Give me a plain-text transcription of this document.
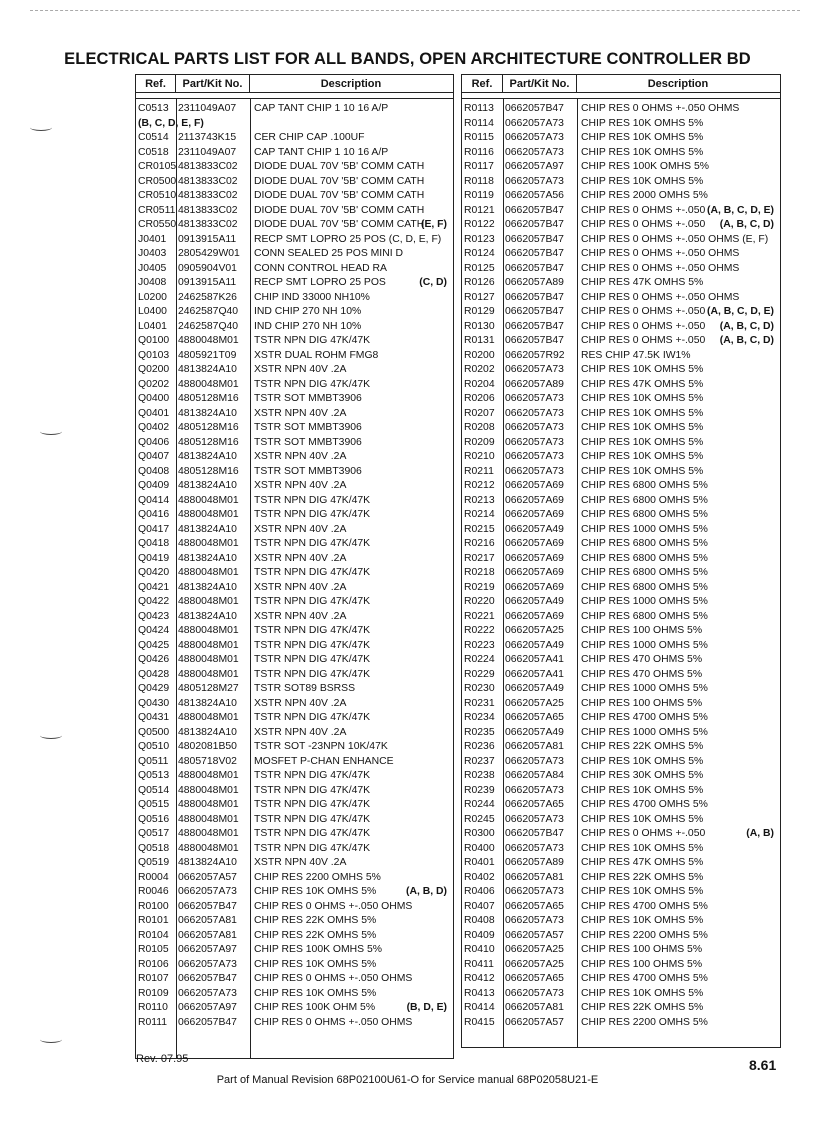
ELECTRICAL PARTS LIST FOR ALL BANDS, OPEN ARCHITECTURE CONTROLLER BD
Ref.	Part/Kit No.	Description
C0513 2311049A07	CAP TANT CHIP 1 10 16 A/P
(B, C, D, E, F)
C0514 2113743K15	CER CHIP CAP .100UF
C0518 2311049A07	CAP TANT CHIP 1 10 16 A/P
CR0105 4813833C02	DIODE DUAL 70V '5B' COMM CATH
CR0500 4813833C02	DIODE DUAL 70V '5B' COMM CATH
CR0510 4813833C02	DIODE DUAL 70V '5B' COMM CATH
CR0511 4813833C02	DIODE DUAL 70V '5B' COMM CATH
CR0550 4813833C02	DIODE DUAL 70V '5B' COMM CATH
(E, F)
J0401	0913915A11	RECP SMT LOPRO 25 POS (C, D, E, F)
J0403	2805429W01	CONN SEALED 25 POS MINI D
J0405	0905904V01	CONN CONTROL HEAD RA
J0408	0913915A11	RECP SMT LOPRO 25 POS	(C, D)
L0200	2462587K26	CHIP IND 33000 NH10%
L0400	2462587Q40	IND CHIP 270 NH 10%
L0401	2462587Q40	IND CHIP 270 NH 10%
Q0100 4880048M01	TSTR NPN DIG 47K/47K
Q0103 4805921T09	XSTR DUAL ROHM FMG8
Q0200 4813824A10	XSTR NPN 40V .2A
Q0202 4880048M01	TSTR NPN DIG 47K/47K
Q0400 4805128M16	TSTR SOT MMBT3906
Q0401 4813824A10	XSTR NPN 40V .2A
Q0402 4805128M16	TSTR SOT MMBT3906
Q0406 4805128M16	TSTR SOT MMBT3906
Q0407 4813824A10	XSTR NPN 40V .2A
Q0408 4805128M16	TSTR SOT MMBT3906
Q0409 4813824A10	XSTR NPN 40V .2A
Q0414 4880048M01	TSTR NPN DIG 47K/47K
Q0416 4880048M01	TSTR NPN DIG 47K/47K
Q0417 4813824A10	XSTR NPN 40V .2A
Q0418 4880048M01	TSTR NPN DIG 47K/47K
Q0419 4813824A10	XSTR NPN 40V .2A
Q0420 4880048M01	TSTR NPN DIG 47K/47K
Q0421 4813824A10	XSTR NPN 40V .2A
Q0422 4880048M01	TSTR NPN DIG 47K/47K
Q0423 4813824A10	XSTR NPN 40V .2A
Q0424 4880048M01	TSTR NPN DIG 47K/47K
Q0425 4880048M01	TSTR NPN DIG 47K/47K
Q0426 4880048M01	TSTR NPN DIG 47K/47K
Q0428 4880048M01	TSTR NPN DIG 47K/47K
Q0429 4805128M27	TSTR SOT89 BSRSS
Q0430 4813824A10	XSTR NPN 40V .2A
Q0431 4880048M01	TSTR NPN DIG 47K/47K
Q0500 4813824A10	XSTR NPN 40V .2A
Q0510 4802081B50	TSTR SOT -23NPN 10K/47K
Q0511 4805718V02	MOSFET P-CHAN ENHANCE
Q0513 4880048M01	TSTR NPN DIG 47K/47K
Q0514 4880048M01	TSTR NPN DIG 47K/47K
Q0515 4880048M01	TSTR NPN DIG 47K/47K
Q0516 4880048M01	TSTR NPN DIG 47K/47K
Q0517 4880048M01	TSTR NPN DIG 47K/47K
Q0518 4880048M01	TSTR NPN DIG 47K/47K
Q0519 4813824A10	XSTR NPN 40V .2A
R0004 0662057A57	CHIP RES 2200 OMHS 5%
R0046 0662057A73	CHIP RES 10K OMHS 5%	(A, B, D)
R0100 0662057B47	CHIP RES 0 OHMS +-.050 OHMS
R0101 0662057A81	CHIP RES 22K OMHS 5%
R0104 0662057A81	CHIP RES 22K OMHS 5%
R0105 0662057A97	CHIP RES 100K OMHS 5%
R0106 0662057A73	CHIP RES 10K OMHS 5%
R0107 0662057B47	CHIP RES 0 OHMS +-.050 OHMS
R0109 0662057A73	CHIP RES 10K OMHS 5%
R0110 0662057A97	CHIP RES 100K OHM 5%	(B, D, E)
R0111	0662057B47	CHIP RES 0 OHMS +-.050 OHMS
Ref.	Part/Kit No.	Description
R0113	0662057B47	CHIP RES 0 OHMS +-.050 OHMS
R0114	0662057A73	CHIP RES 10K OMHS 5%
R0115	0662057A73	CHIP RES 10K OMHS 5%
R0116	0662057A73	CHIP RES 10K OMHS 5%
R0117	0662057A97	CHIP RES 100K OMHS 5%
R0118	0662057A73	CHIP RES 10K OMHS 5%
R0119	0662057A56	CHIP RES 2000 OMHS 5%
R0121 0662057B47	CHIP RES 0 OHMS +-.050 (A, B, C, D, E)
R0122 0662057B47	CHIP RES 0 OHMS +-.050 (A, B, C, D)
R0123 0662057B47	CHIP RES 0 OHMS +-.050 OHMS (E, F)
R0124 0662057B47	CHIP RES 0 OHMS +-.050 OHMS
R0125 0662057B47	CHIP RES 0 OHMS +-.050 OHMS
R0126 0662057A89	CHIP RES 47K OMHS 5%
R0127 0662057B47	CHIP RES 0 OHMS +-.050 OHMS
R0129 0662057B47	CHIP RES 0 OHMS +-.050 (A, B, C, D, E)
R0130 0662057B47	CHIP RES 0 OHMS +-.050 (A, B, C, D)
R0131 0662057B47	CHIP RES 0 OHMS +-.050 (A, B, C, D)
R0200 0662057R92	RES CHIP 47.5K IW1%
R0202 0662057A73	CHIP RES 10K OMHS 5%
R0204 0662057A89	CHIP RES 47K OMHS 5%
R0206 0662057A73	CHIP RES 10K OMHS 5%
R0207 0662057A73	CHIP RES 10K OMHS 5%
R0208 0662057A73	CHIP RES 10K OMHS 5%
R0209 0662057A73	CHIP RES 10K OMHS 5%
R0210 0662057A73	CHIP RES 10K OMHS 5%
R0211	0662057A73	CHIP RES 10K OMHS 5%
R0212 0662057A69	CHIP RES 6800 OMHS 5%
R0213 0662057A69	CHIP RES 6800 OMHS 5%
R0214 0662057A69	CHIP RES 6800 OMHS 5%
R0215 0662057A49	CHIP RES 1000 OMHS 5%
R0216 0662057A69	CHIP RES 6800 OMHS 5%
R0217 0662057A69	CHIP RES 6800 OMHS 5%
R0218 0662057A69	CHIP RES 6800 OMHS 5%
R0219 0662057A69	CHIP RES 6800 OMHS 5%
R0220 0662057A49	CHIP RES 1000 OMHS 5%
R0221 0662057A69	CHIP RES 6800 OMHS 5%
R0222 0662057A25	CHIP RES 100 OHMS 5%
R0223 0662057A49	CHIP RES 1000 OMHS 5%
R0224 0662057A41	CHIP RES 470 OHMS 5%
R0229 0662057A41	CHIP RES 470 OHMS 5%
R0230 0662057A49	CHIP RES 1000 OMHS 5%
R0231 0662057A25	CHIP RES 100 OHMS 5%
R0234 0662057A65	CHIP RES 4700 OMHS 5%
R0235 0662057A49	CHIP RES 1000 OMHS 5%
R0236 0662057A81	CHIP RES 22K OMHS 5%
R0237 0662057A73	CHIP RES 10K OMHS 5%
R0238 0662057A84	CHIP RES 30K OMHS 5%
R0239 0662057A73	CHIP RES 10K OMHS 5%
R0244 0662057A65	CHIP RES 4700 OMHS 5%
R0245 0662057A73	CHIP RES 10K OMHS 5%
R0300 0662057B47	CHIP RES 0 OHMS +-.050	(A, B)
R0400 0662057A73	CHIP RES 10K OMHS 5%
R0401 0662057A89	CHIP RES 47K OMHS 5%
R0402 0662057A81	CHIP RES 22K OMHS 5%
R0406 0662057A73	CHIP RES 10K OMHS 5%
R0407 0662057A65	CHIP RES 4700 OMHS 5%
R0408 0662057A73	CHIP RES 10K OMHS 5%
R0409 0662057A57	CHIP RES 2200 OMHS 5%
R0410 0662057A25	CHIP RES 100 OHMS 5%
R0411	0662057A25	CHIP RES 100 OHMS 5%
R0412 0662057A65	CHIP RES 4700 OMHS 5%
R0413 0662057A73	CHIP RES 10K OMHS 5%
R0414 0662057A81	CHIP RES 22K OMHS 5%
R0415 0662057A57	CHIP RES 2200 OMHS 5%
Rev. 07.95	8.61
Part of Manual Revision 68P02100U61-O for Service manual 68P02058U21-E
